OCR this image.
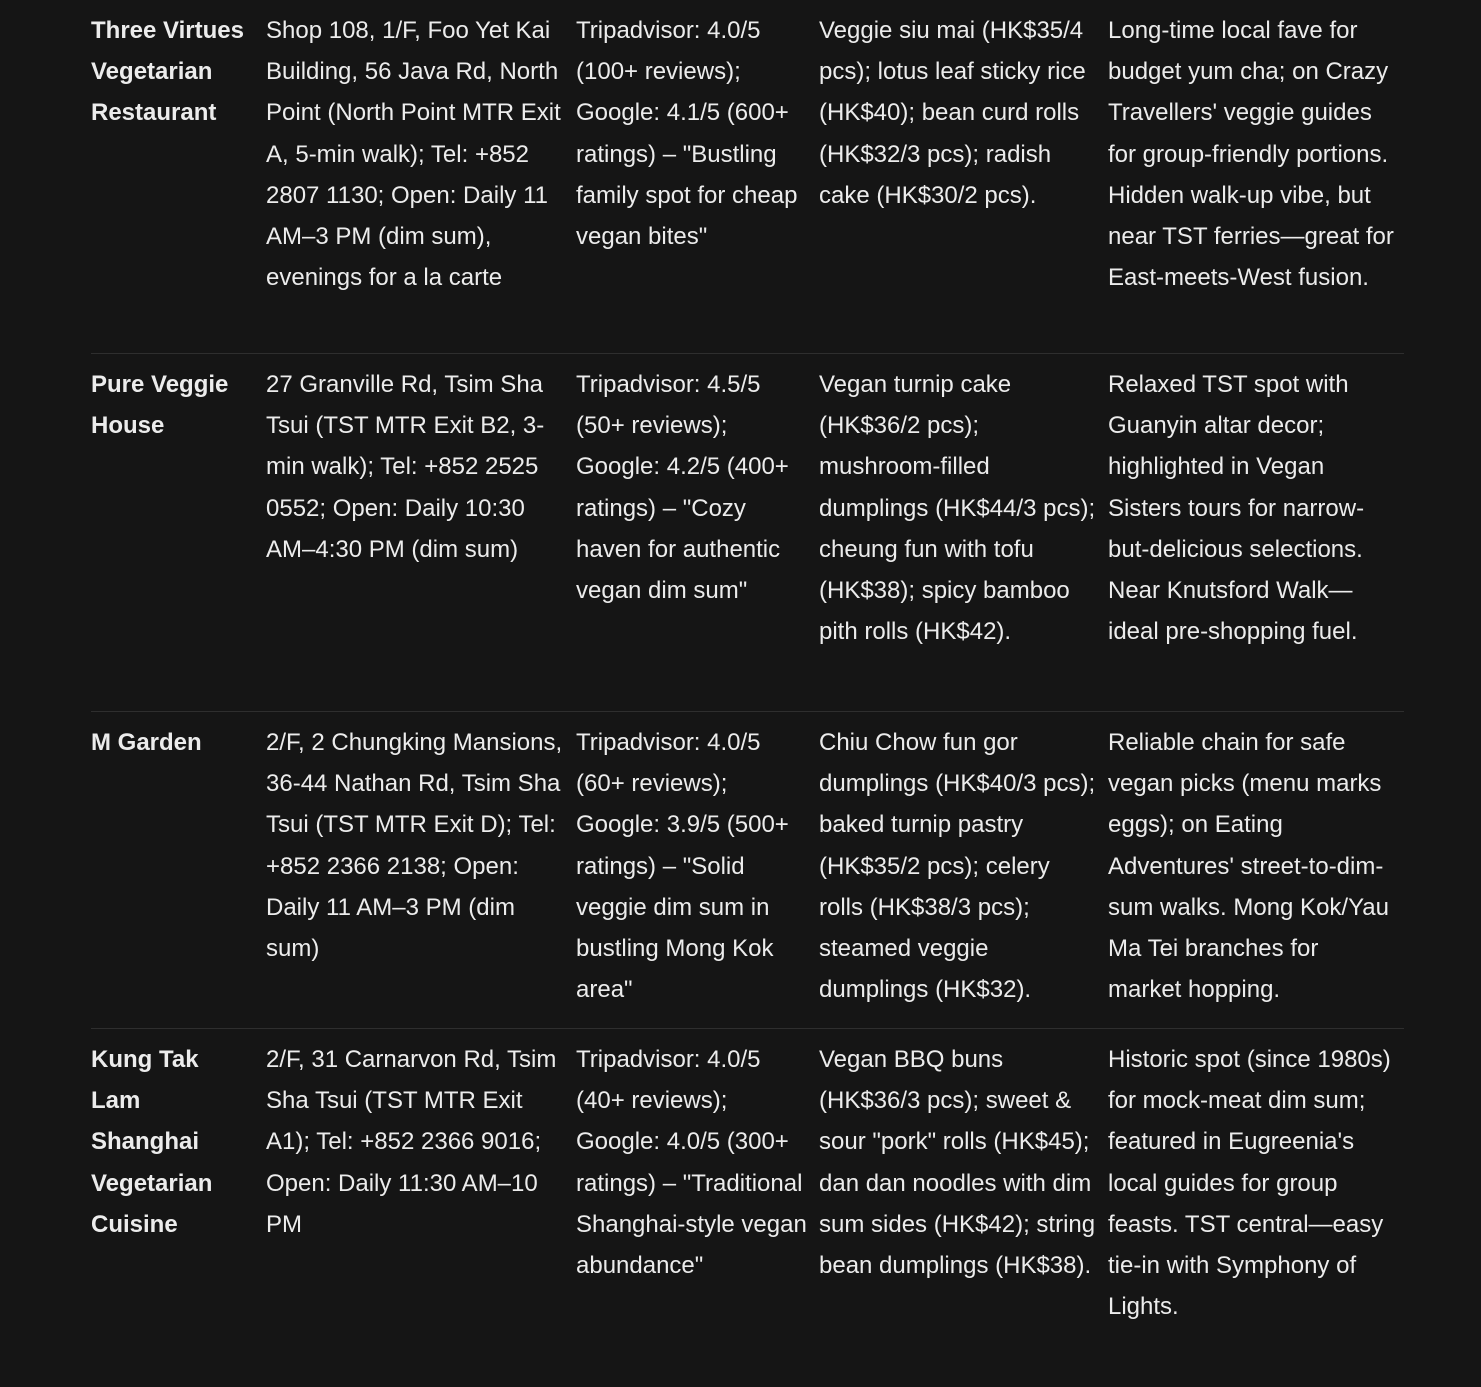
Three Virtues Vegetarian Restaurant
Shop 108, 1/F, Foo Yet Kai Building, 56 Java Rd, North Point (North Point MTR Exit A, 5-min walk); Tel: +852 2807 1130; Open: Daily 11 AM–3 PM (dim sum), evenings for a la carte
Tripadvisor: 4.0/5 (100+ reviews); Google: 4.1/5 (600+ ratings) – "Bustling family spot for cheap vegan bites"
Veggie siu mai (HK$35/4 pcs); lotus leaf sticky rice (HK$40); bean curd rolls (HK$32/3 pcs); radish cake (HK$30/2 pcs).
Long-time local fave for budget yum cha; on Crazy Travellers' veggie guides for group-friendly portions. Hidden walk-up vibe, but near TST ferries—great for East-meets-West fusion.
Pure Veggie House
27 Granville Rd, Tsim Sha Tsui (TST MTR Exit B2, 3-min walk); Tel: +852 2525 0552; Open: Daily 10:30 AM–4:30 PM (dim sum)
Tripadvisor: 4.5/5 (50+ reviews); Google: 4.2/5 (400+ ratings) – "Cozy haven for authentic vegan dim sum"
Vegan turnip cake (HK$36/2 pcs); mushroom-filled dumplings (HK$44/3 pcs); cheung fun with tofu (HK$38); spicy bamboo pith rolls (HK$42).
Relaxed TST spot with Guanyin altar decor; highlighted in Vegan Sisters tours for narrow-but-delicious selections. Near Knutsford Walk—ideal pre-shopping fuel.
M Garden	2/F, 2 Chungking Mansions, 36-44 Nathan Rd, Tsim Sha Tsui (TST MTR Exit D); Tel: +852 2366 2138; Open: Daily 11 AM–3 PM (dim sum)
Tripadvisor: 4.0/5 (60+ reviews); Google: 3.9/5 (500+ ratings) – "Solid veggie dim sum in bustling Mong Kok area"
Chiu Chow fun gor dumplings (HK$40/3 pcs); baked turnip pastry (HK$35/2 pcs); celery rolls (HK$38/3 pcs); steamed veggie dumplings (HK$32).
Reliable chain for safe vegan picks (menu marks eggs); on Eating Adventures' street-to-dim-sum walks. Mong Kok/Yau Ma Tei branches for market hopping.
Kung Tak Lam Shanghai Vegetarian Cuisine
2/F, 31 Carnarvon Rd, Tsim Sha Tsui (TST MTR Exit A1); Tel: +852 2366 9016; Open: Daily 11:30 AM–10 PM
Tripadvisor: 4.0/5 (40+ reviews); Google: 4.0/5 (300+ ratings) – "Traditional Shanghai-style vegan abundance"
Vegan BBQ buns (HK$36/3 pcs); sweet & sour "pork" rolls (HK$45); dan dan noodles with dim sum sides (HK$42); string bean dumplings (HK$38).
Historic spot (since 1980s) for mock-meat dim sum; featured in Eugreenia's local guides for group feasts. TST central—easy tie-in with Symphony of Lights.
